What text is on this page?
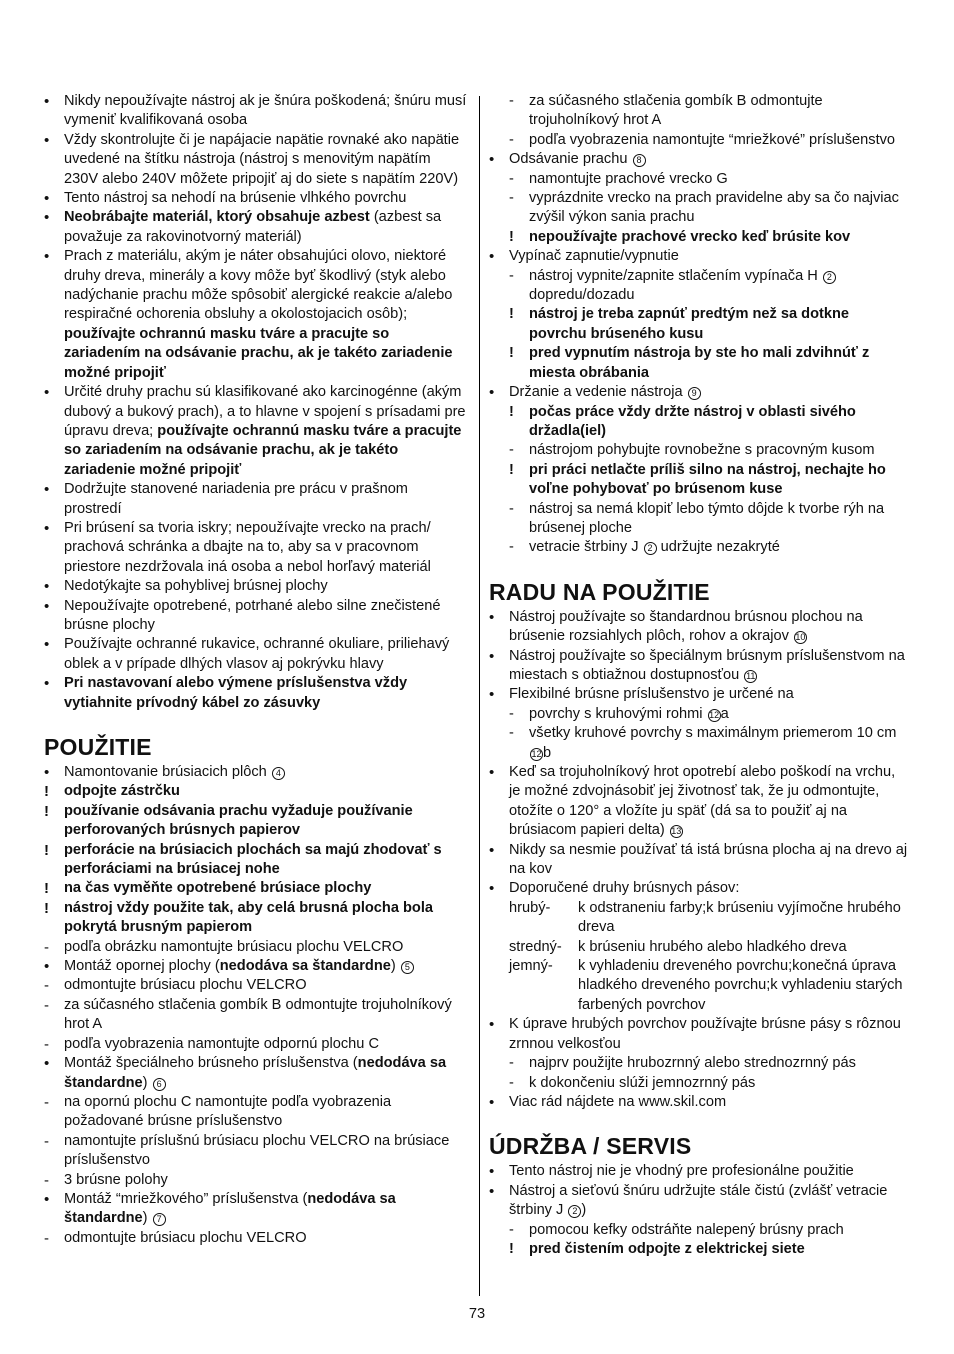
• Nikdy nepoužívajte nástroj ak je šnúra poškodená; šnúru musí vymeniť kvalifikovaná osoba
• Vždy skontrolujte či je napájacie napätie rovnaké ako napätie uvedené na štítku nástroja (nástroj s menovitým napätím 230V alebo 240V môžete pripojiť aj do siete s napätím 220V)
• Tento nástroj sa nehodí na brúsenie vlhkého povrchu
• Neobrábajte materiál, ktorý obsahuje azbest (azbest sa považuje za rakovinotvorný materiál)
• Prach z materiálu, akým je náter obsahujúci olovo, niektoré druhy dreva, minerály a kovy môže byť škodlivý (styk alebo nadýchanie prachu môže spôsobiť alergické reakcie a/alebo respiračné ochorenia obsluhy a okolostojacich osôb); používajte ochrannú masku tváre a pracujte so zariadením na odsávanie prachu, ak je takéto zariadenie možné pripojiť
• Určité druhy prachu sú klasifikované ako karcinogénne (akým dubový a bukový prach), a to hlavne v spojení s prísadami pre úpravu dreva; používajte ochrannú masku tváre a pracujte so zariadením na odsávanie prachu, ak je takéto zariadenie možné pripojiť
• Dodržujte stanovené nariadenia pre prácu v prašnom prostredí
• Pri brúsení sa tvoria iskry; nepoužívajte vrecko na prach/ prachová schránka a dbajte na to, aby sa v pracovnom priestore nezdržovala iná osoba a nebol horľavý materiál
• Nedotýkajte sa pohyblivej brúsnej plochy
• Nepoužívajte opotrebené, potrhané alebo silne znečistené brúsne plochy
• Používajte ochranné rukavice, ochranné okuliare, priliehavý oblek a v prípade dlhých vlasov aj pokrývku hlavy
• Pri nastavovaní alebo výmene príslušenstva vždy vytiahnite prívodný kábel zo zásuvky
POUŽITIE
• Namontovanie brúsiacich plôch 4
! odpojte zástrčku
! používanie odsávania prachu vyžaduje používanie perforovaných brúsnych papierov
! perforácie na brúsiacich plochách sa majú zhodovať s perforáciami na brúsiacej nohe
! na čas vyměňte opotrebené brúsiace plochy
! nástroj vždy použite tak, aby celá brusná plocha bola pokrytá brusným papierom
- podľa obrázku namontujte brúsiacu plochu VELCRO
• Montáž opornej plochy (nedodáva sa štandardne) 5
- odmontujte brúsiacu plochu VELCRO
- za súčasného stlačenia gombík B odmontujte trojuholníkový hrot A
- podľa vyobrazenia namontujte odpornú plochu C
• Montáž špeciálneho brúsneho príslušenstva (nedodáva sa štandardne) 6
- na opornú plochu C namontujte podľa vyobrazenia požadované brúsne príslušenstvo
- namontujte príslušnú brúsiacu plochu VELCRO na brúsiace príslušenstvo
- 3 brúsne polohy
• Montáž “mriežkového” príslušenstva (nedodáva sa štandardne) 7
- odmontujte brúsiacu plochu VELCRO
- za súčasného stlačenia gombík B odmontujte trojuholníkový hrot A
- podľa vyobrazenia namontujte “mriežkové” príslušenstvo
• Odsávanie prachu 8
- namontujte prachové vrecko G
- vyprázdnite vrecko na prach pravidelne aby sa čo najviac zvýšil výkon sania prachu
! nepoužívajte prachové vrecko keď brúsite kov
• Vypínač zapnutie/vypnutie
- nástroj vypnite/zapnite stlačením vypínača H 2 dopredu/dozadu
! nástroj je treba zapnúť predtým než sa dotkne povrchu brúseného kusu
! pred vypnutím nástroja by ste ho mali zdvihnúť z miesta obrábania
• Držanie a vedenie nástroja 9
! počas práce vždy držte nástroj v oblasti sivého držadla(iel)
- nástrojom pohybujte rovnobežne s pracovným kusom
! pri práci netlačte príliš silno na nástroj, nechajte ho voľne pohybovať po brúsenom kuse
- nástroj sa nemá klopiť lebo týmto dôjde k tvorbe rýh na brúsenej ploche
- vetracie štrbiny J 2 udržujte nezakryté
RADU NA POUŽITIE
• Nástroj používajte so štandardnou brúsnou plochou na brúsenie rozsiahlych plôch, rohov a okrajov 10
• Nástroj používajte so špeciálnym brúsnym príslušenstvom na miestach s obtiažnou dostupnosťou 11
• Flexibilné brúsne príslušenstvo je určené na
- povrchy s kruhovými rohmi 12 a
- všetky kruhové povrchy s maximálnym priemerom 10 cm 12 b
• Keď sa trojuholníkový hrot opotrebí alebo poškodí na vrchu, je možné zdvojnásobiť jej životnosť tak, že ju odmontujte, otožíte o 120° a vložíte ju späť (dá sa to použiť aj na brúsiacom papieri delta) 13
• Nikdy sa nesmie používať tá istá brúsna plocha aj na drevo aj na kov
• Doporučené druhy brúsnych pásov:
hrubý-	k odstraneniu farby;k brúseniu vyjímočne hrubého dreva
stredný-	k brúseniu hrubého alebo hladkého dreva
jemný-	k vyhladeniu dreveného povrchu;konečná úprava hladkého dreveného povrchu;k vyhladeniu starých farbených povrchov
• K úprave hrubých povrchov používajte brúsne pásy s rôznou zrnnou velkosťou
- najprv použijte hrubozrnný alebo strednozrnný pás
- k dokončeniu slúži jemnozrnný pás
• Viac rád nájdete na www.skil.com
ÚDRŽBA / SERVIS
• Tento nástroj nie je vhodný pre profesionálne použitie
• Nástroj a sieťovú šnúru udržujte stále čistú (zvlášť vetracie štrbiny J 2 )
- pomocou kefky odstráňte nalepený brúsny prach
! pred čistením odpojte z elektrickej siete
73
